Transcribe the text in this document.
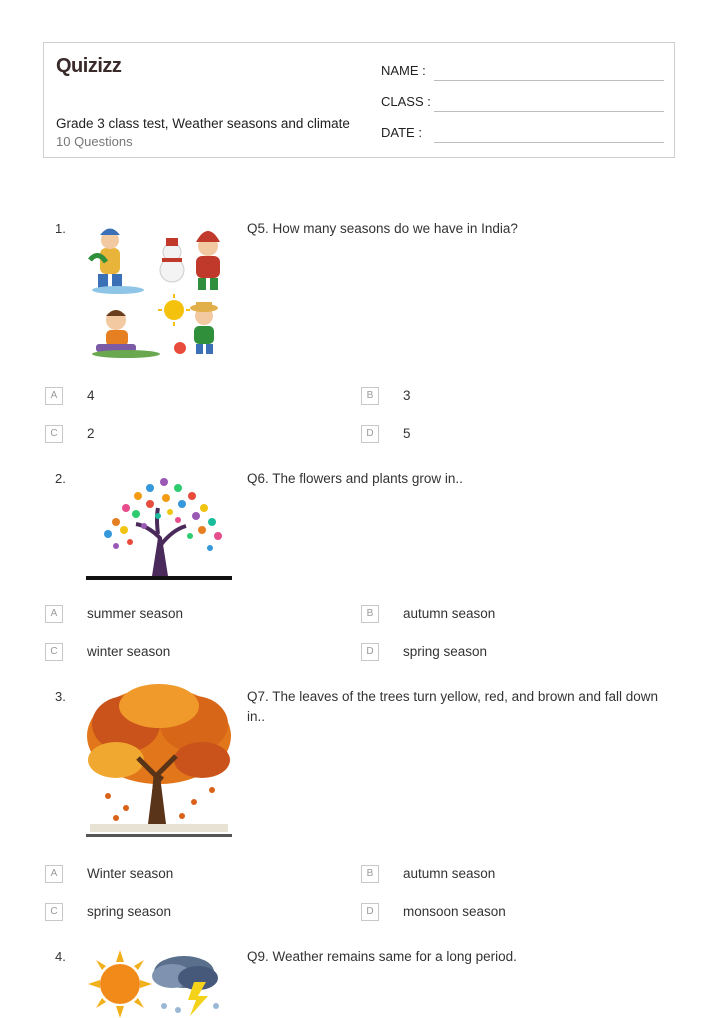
Quizizz
Grade 3 class test, Weather seasons and climate
10 Questions
NAME :
CLASS :
DATE :
1.	Q5. How many seasons do we have in India?
A	4	B	3
C	2	D	5
2.	Q6. The flowers and plants grow in..
A	summer season	B	autumn season
C	winter season	D	spring season
3.	Q7. The leaves of the trees turn yellow, red, and brown and fall down in..
A	Winter season	B	autumn season
C	spring season	D	monsoon season
4.	Q9. Weather remains same for a long period.
